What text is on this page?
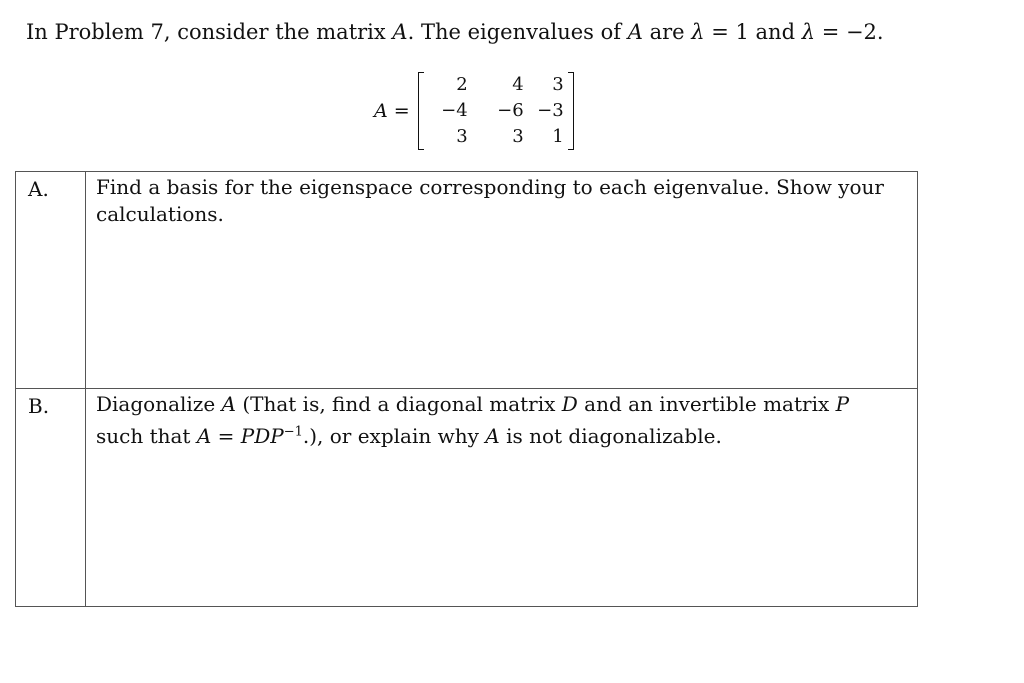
In Problem 7, consider the matrix A. The eigenvalues of A are λ = 1 and λ = −2.
A =
2	4	3
−4	−6 −3
3	3	1
A.	Find a basis for the eigenspace corresponding to each eigenvalue. Show your calculations.
B.	Diagonalize A (That is, find a diagonal matrix D and an invertible matrix P such that $A = PDP^{-1}$.), or explain why A is not diagonalizable.
